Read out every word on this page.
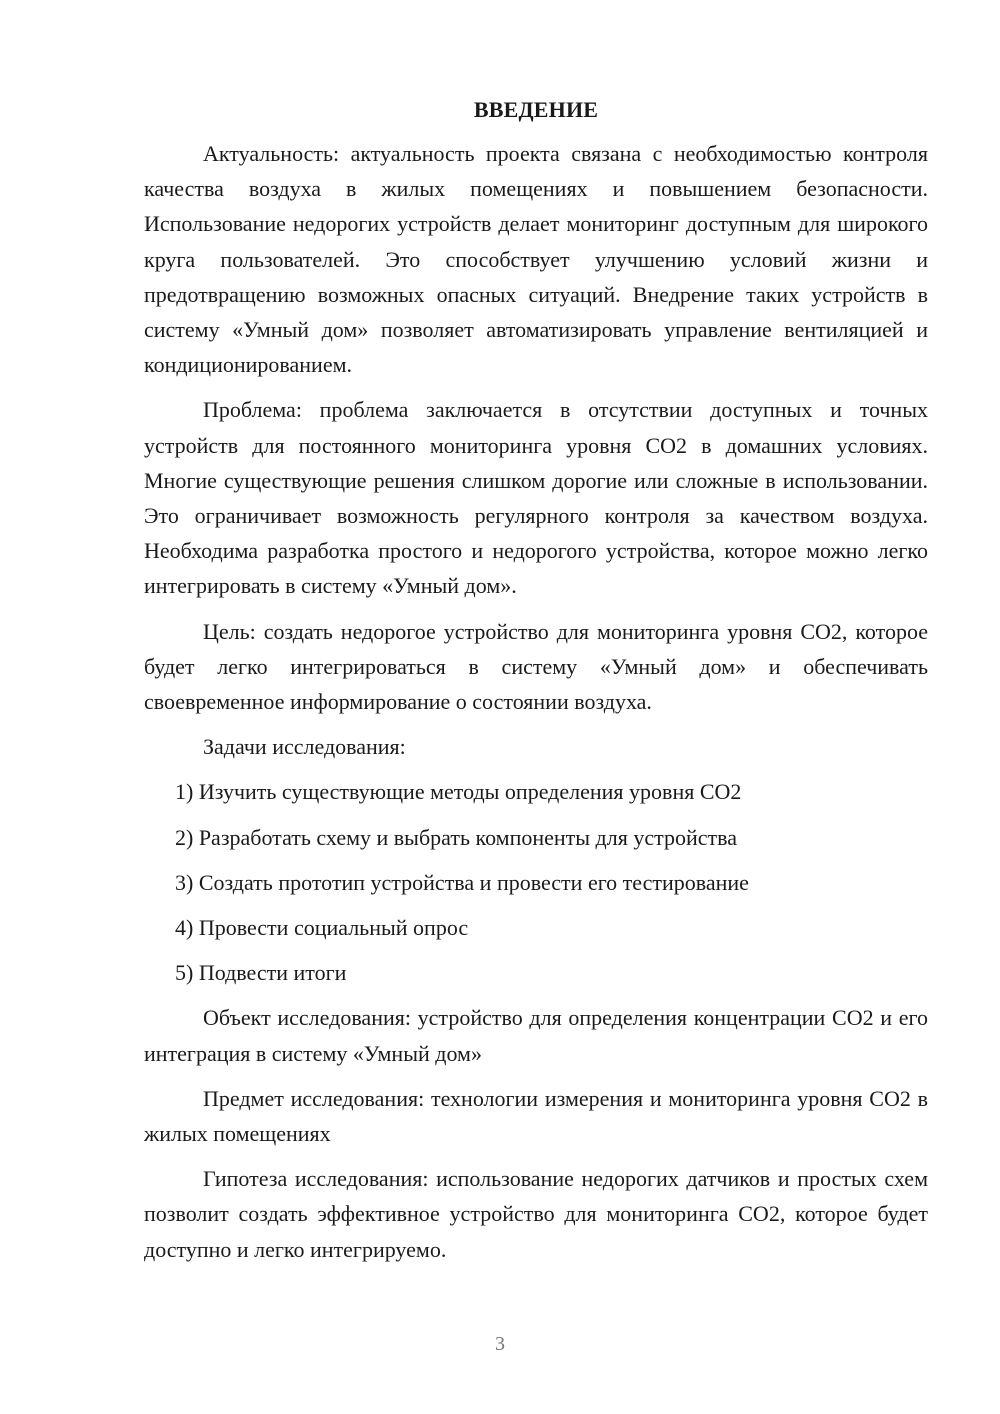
ВВЕДЕНИЕ

Актуальность: актуальность проекта связана с необходимостью контроля качества воздуха в жилых помещениях и повышением безопасности. Использование недорогих устройств делает мониторинг доступным для широкого круга пользователей. Это способствует улучшению условий жизни и предотвращению возможных опасных ситуаций. Внедрение таких устройств в систему «Умный дом» позволяет автоматизировать управление вентиляцией и кондиционированием.

Проблема: проблема заключается в отсутствии доступных и точных устройств для постоянного мониторинга уровня CO2 в домашних условиях. Многие существующие решения слишком дорогие или сложные в использовании. Это ограничивает возможность регулярного контроля за качеством воздуха. Необходима разработка простого и недорогого устройства, которое можно легко интегрировать в систему «Умный дом».

Цель: создать недорогое устройство для мониторинга уровня CO2, которое будет легко интегрироваться в систему «Умный дом» и обеспечивать своевременное информирование о состоянии воздуха.

Задачи исследования:

1) Изучить существующие методы определения уровня CO2
2) Разработать схему и выбрать компоненты для устройства
3) Создать прототип устройства и провести его тестирование
4) Провести социальный опрос
5) Подвести итоги

Объект исследования: устройство для определения концентрации CO2 и его интеграция в систему «Умный дом»

Предмет исследования: технологии измерения и мониторинга уровня CO2 в жилых помещениях

Гипотеза исследования: использование недорогих датчиков и простых схем позволит создать эффективное устройство для мониторинга CO2, которое будет доступно и легко интегрируемо.

3
